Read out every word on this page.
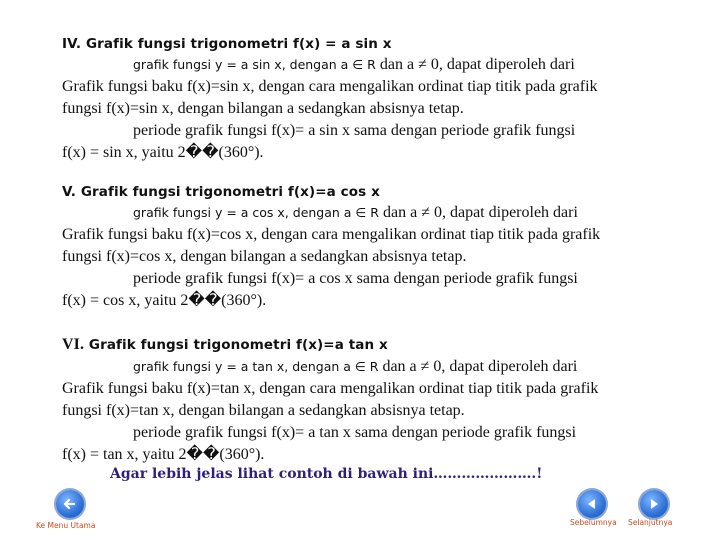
IV. Grafik fungsi trigonometri f(x) = a sin x
grafik fungsi y = a sin x, dengan a ∈ R dan a ≠ 0, dapat diperoleh dari
Grafik fungsi baku f(x)=sin x, dengan cara mengalikan ordinat tiap titik pada grafik
fungsi f(x)=sin x, dengan bilangan a sedangkan absisnya tetap.
periode grafik fungsi f(x)= a sin x sama dengan periode grafik fungsi
f(x) = sin x, yaitu 2��(360°).
V. Grafik fungsi trigonometri f(x)=a cos x
grafik fungsi y = a cos x, dengan a ∈ R dan a ≠ 0, dapat diperoleh dari
Grafik fungsi baku f(x)=cos x, dengan cara mengalikan ordinat tiap titik pada grafik
fungsi f(x)=cos x, dengan bilangan a sedangkan absisnya tetap.
periode grafik fungsi f(x)= a cos x sama dengan periode grafik fungsi
f(x) = cos x, yaitu 2��(360°).
VI. Grafik fungsi trigonometri f(x)=a tan x
grafik fungsi y = a tan x, dengan a ∈ R dan a ≠ 0, dapat diperoleh dari
Grafik fungsi baku f(x)=tan x, dengan cara mengalikan ordinat tiap titik pada grafik
fungsi f(x)=tan x, dengan bilangan a sedangkan absisnya tetap.
periode grafik fungsi f(x)= a tan x sama dengan periode grafik fungsi
f(x) = tan x, yaitu 2��(360°).
Agar lebih jelas lihat contoh di bawah ini………………….!
Ke Menu Utama	Sebelumnya Selanjutnya
